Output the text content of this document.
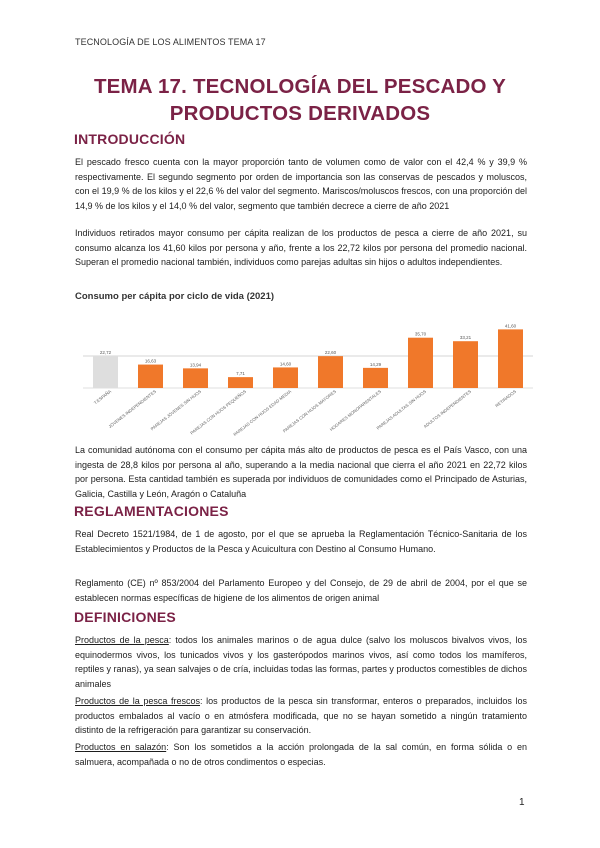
TECNOLOGÍA DE LOS ALIMENTOS TEMA 17
TEMA 17. TECNOLOGÍA DEL PESCADO Y
PRODUCTOS DERIVADOS
INTRODUCCIÓN

El pescado fresco cuenta con la mayor proporción tanto de volumen como de valor con el 42,4 % y 39,9 % respectivamente. El segundo segmento por orden de importancia son las conservas de pescados y moluscos, con el 19,9 % de los kilos y el 22,6 % del valor del segmento. Mariscos/moluscos frescos, con una proporción del 14,9 % de los kilos y el 14,0 % del valor, segmento que también decrece a cierre de año 2021

Individuos retirados mayor consumo per cápita realizan de los productos de pesca a cierre de año 2021, su consumo alcanza los 41,60 kilos por persona y año, frente a los 22,72 kilos por persona del promedio nacional. Superan el promedio nacional también, individuos como parejas adultas sin hijos o adultos independientes.

Consumo per cápita por ciclo de vida (2021)
22,72
T.ESPAÑA
16,63
JÓVENES INDEPENDIENTES
13,94
PAREJAS JÓVENES SIN HIJOS
7,71
PAREJAS CON HIJOS PEQUEÑOS
14,60
PAREJAS CON HIJOS EDAD MEDIA
22,60
PAREJAS CON HIJOS MAYORES
14,29
HOGARES MONOPARENTALES
35,70
PAREJAS ADULTAS SIN HIJOS
33,21
ADULTOS INDEPENDIENTES
41,60
RETIRADOS

La comunidad autónoma con el consumo per cápita más alto de productos de pesca es el País Vasco, con una ingesta de 28,8 kilos por persona al año, superando a la media nacional que cierra el año 2021 en 22,72 kilos por persona. Esta cantidad también es superada por individuos de comunidades como el Principado de Asturias, Galicia, Castilla y León, Aragón o Cataluña

REGLAMENTACIONES

Real Decreto 1521/1984, de 1 de agosto, por el que se aprueba la Reglamentación Técnico-Sanitaria de los Establecimientos y Productos de la Pesca y Acuicultura con Destino al Consumo Humano.

Reglamento (CE) nº 853/2004 del Parlamento Europeo y del Consejo, de 29 de abril de 2004, por el que se establecen normas específicas de higiene de los alimentos de origen animal

DEFINICIONES

Productos de la pesca: todos los animales marinos o de agua dulce (salvo los moluscos bivalvos vivos, los equinodermos vivos, los tunicados vivos y los gasterópodos marinos vivos, así como todos los mamíferos, reptiles y ranas), ya sean salvajes o de cría, incluidas todas las formas, partes y productos comestibles de dichos animales

Productos de la pesca frescos: los productos de la pesca sin transformar, enteros o preparados, incluidos los productos embalados al vacío o en atmósfera modificada, que no se hayan sometido a ningún tratamiento distinto de la refrigeración para garantizar su conservación.

Productos en salazón: Son los sometidos a la acción prolongada de la sal común, en forma sólida o en salmuera, acompañada o no de otros condimentos o especias.

1
